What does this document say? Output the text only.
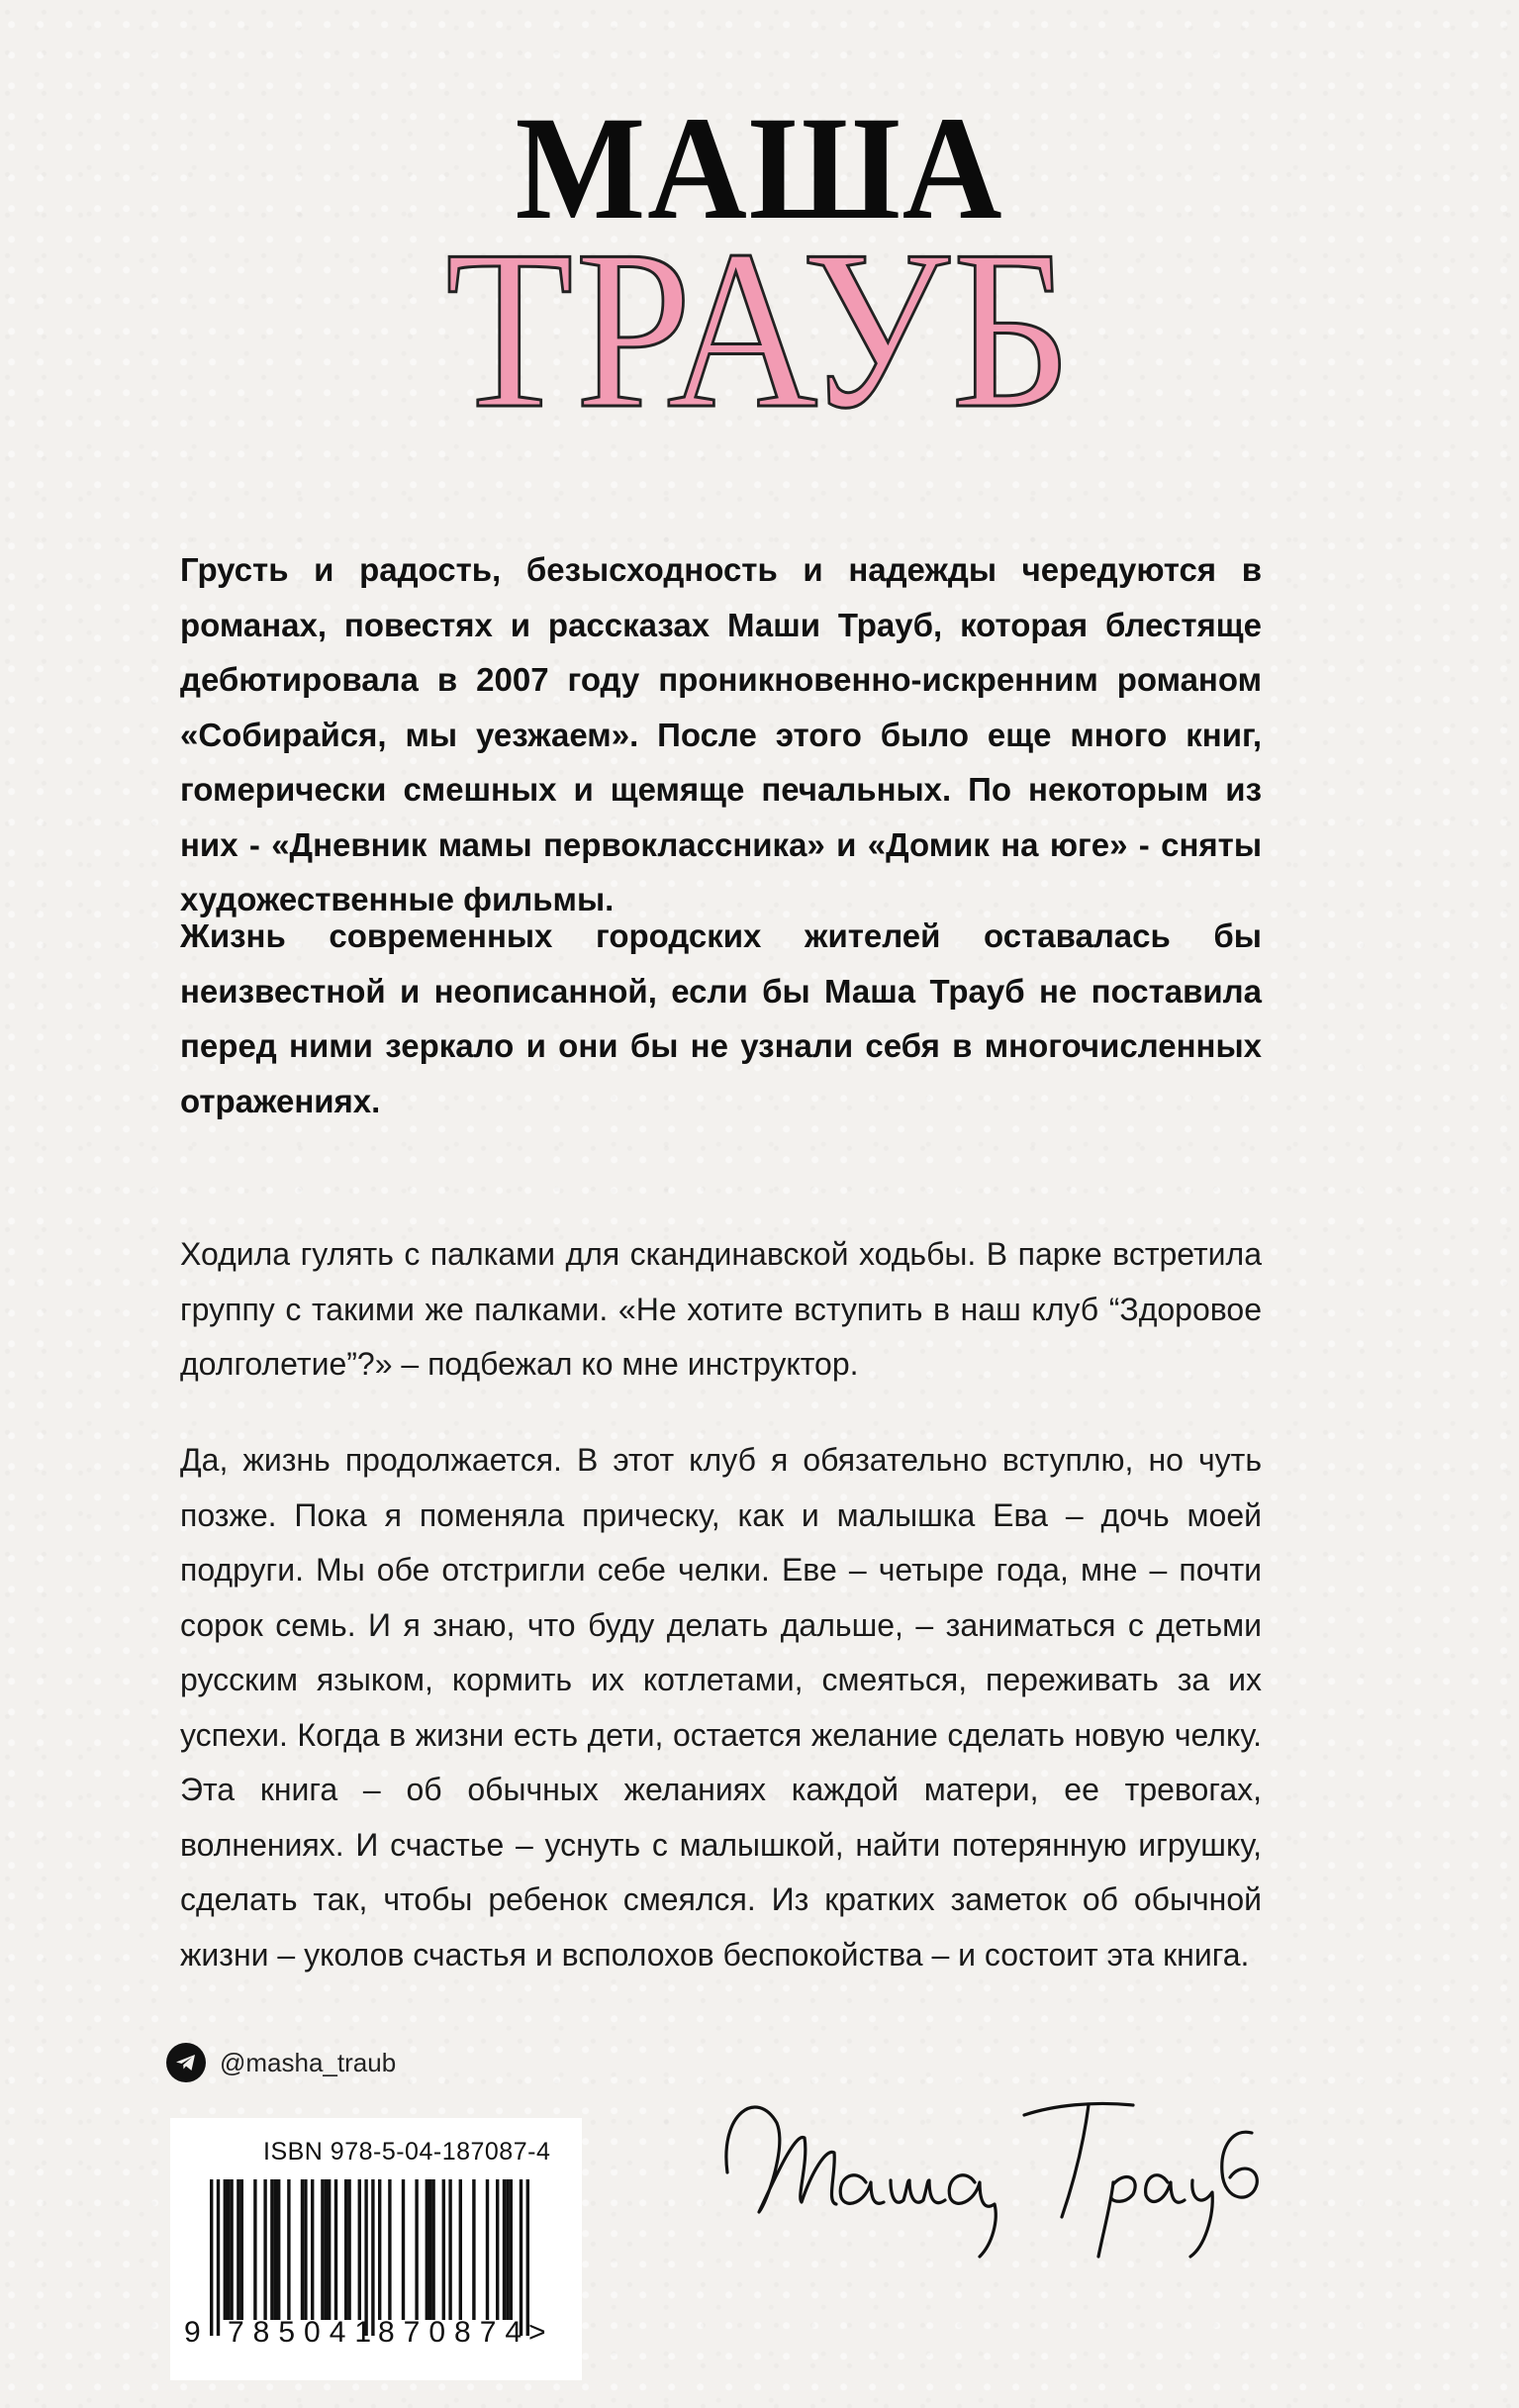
МАША
ТРАУБ

Грусть и радость, безысходность и надежды чередуются в романах, повестях и рассказах Маши Трауб, которая блестяще дебютировала в 2007 году проникновенно-искренним романом «Собирайся, мы уезжаем». После этого было еще много книг, гомерически смешных и щемяще печальных. По некоторым из них - «Дневник мамы первоклассника» и «Домик на юге» - сняты художественные фильмы.

Жизнь современных городских жителей оставалась бы неизвестной и неописанной, если бы Маша Трауб не поставила перед ними зеркало и они бы не узнали себя в многочисленных отражениях.

Ходила гулять с палками для скандинавской ходьбы. В парке встретила группу с такими же палками. «Не хотите вступить в наш клуб “Здоровое долголетие”?» – подбежал ко мне инструктор.

Да, жизнь продолжается. В этот клуб я обязательно вступлю, но чуть позже. Пока я поменяла прическу, как и малышка Ева – дочь моей подруги. Мы обе отстригли себе челки. Еве – четыре года, мне – почти сорок семь. И я знаю, что буду делать дальше, – заниматься с детьми русским языком, кормить их котлетами, смеяться, переживать за их успехи. Когда в жизни есть дети, остается желание сделать новую челку. Эта книга – об обычных желаниях каждой матери, ее тревогах, волнениях. И счастье – уснуть с малышкой, найти потерянную игрушку, сделать так, чтобы ребенок смеялся. Из кратких заметок об обычной жизни – уколов счастья и всполохов беспокойства – и состоит эта книга.

@masha_traub
ISBN 978-5-04-187087-4
9 785041
870874
>
